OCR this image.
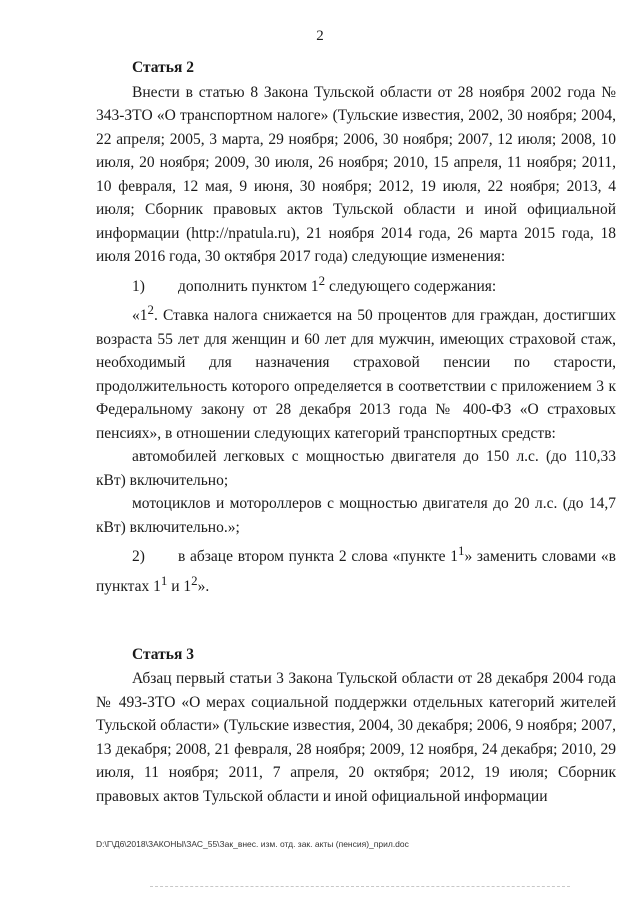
2
Статья 2

Внести в статью 8 Закона Тульской области от 28 ноября 2002 года № 343-ЗТО «О транспортном налоге» (Тульские известия, 2002, 30 ноября; 2004, 22 апреля; 2005, 3 марта, 29 ноября; 2006, 30 ноября; 2007, 12 июля; 2008, 10 июля, 20 ноября; 2009, 30 июля, 26 ноября; 2010, 15 апреля, 11 ноября; 2011, 10 февраля, 12 мая, 9 июня, 30 ноября; 2012, 19 июля, 22 ноября; 2013, 4 июля; Сборник правовых актов Тульской области и иной официальной информации (http://npatula.ru), 21 ноября 2014 года, 26 марта 2015 года, 18 июля 2016 года, 30 октября 2017 года) следующие изменения:

1) дополнить пунктом $1^2$ следующего содержания:

«$1^2$. Ставка налога снижается на 50 процентов для граждан, достигших возраста 55 лет для женщин и 60 лет для мужчин, имеющих страховой стаж, необходимый для назначения страховой пенсии по старости, продолжительность которого определяется в соответствии с приложением 3 к Федеральному закону от 28 декабря 2013 года № 400-ФЗ «О страховых пенсиях», в отношении следующих категорий транспортных средств:

автомобилей легковых с мощностью двигателя до 150 л.с. (до 110,33 кВт) включительно;

мотоциклов и мотороллеров с мощностью двигателя до 20 л.с. (до 14,7 кВт) включительно.»;

2) в абзаце втором пункта 2 слова «пункте $1^1$» заменить словами «в пунктах $1^1$ и $1^2$».

Статья 3

Абзац первый статьи 3 Закона Тульской области от 28 декабря 2004 года № 493-ЗТО «О мерах социальной поддержки отдельных категорий жителей Тульской области» (Тульские известия, 2004, 30 декабря; 2006, 9 ноября; 2007, 13 декабря; 2008, 21 февраля, 28 ноября; 2009, 12 ноября, 24 декабря; 2010, 29 июля, 11 ноября; 2011, 7 апреля, 20 октября; 2012, 19 июля; Сборник правовых актов Тульской области и иной официальной информации

D:\Г\Д6\2018\ЗАКОНЫ\ЗАС_55\Зак_внес. изм. отд. зак. акты (пенсия)_прил.doc
